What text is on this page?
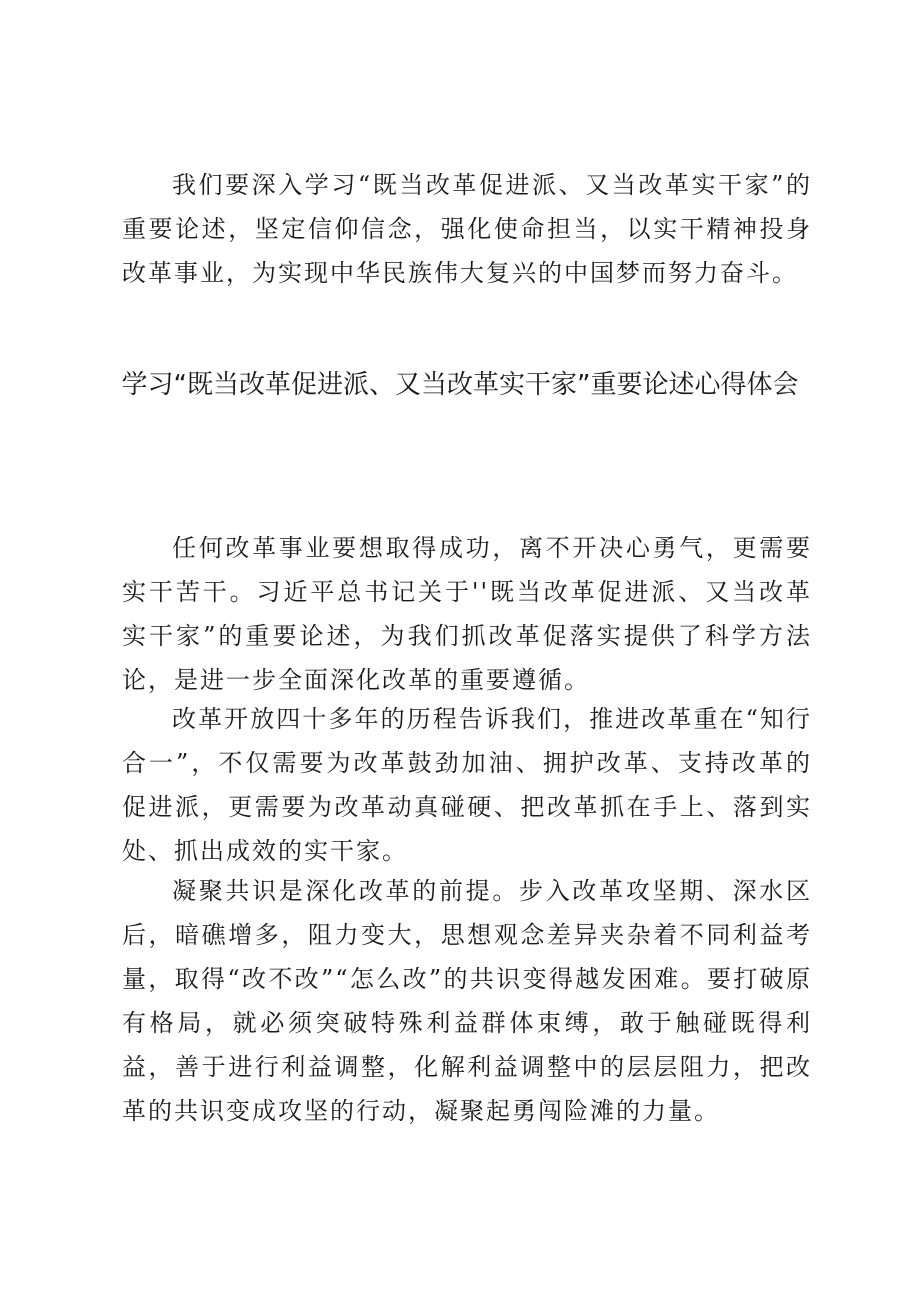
我们要深入学习“既当改革促进派、又当改革实干家”的重要论述，坚定信仰信念，强化使命担当，以实干精神投身改革事业，为实现中华民族伟大复兴的中国梦而努力奋斗。

学习“既当改革促进派、又当改革实干家”重要论述心得体会

任何改革事业要想取得成功，离不开决心勇气，更需要实干苦干。习近平总书记关于''既当改革促进派、又当改革实干家”的重要论述，为我们抓改革促落实提供了科学方法论，是进一步全面深化改革的重要遵循。

改革开放四十多年的历程告诉我们，推进改革重在“知行合一”，不仅需要为改革鼓劲加油、拥护改革、支持改革的促进派，更需要为改革动真碰硬、把改革抓在手上、落到实处、抓出成效的实干家。

凝聚共识是深化改革的前提。步入改革攻坚期、深水区后，暗礁增多，阻力变大，思想观念差异夹杂着不同利益考量，取得“改不改”“怎么改”的共识变得越发困难。要打破原有格局，就必须突破特殊利益群体束缚，敢于触碰既得利益，善于进行利益调整，化解利益调整中的层层阻力，把改革的共识变成攻坚的行动，凝聚起勇闯险滩的力量。
